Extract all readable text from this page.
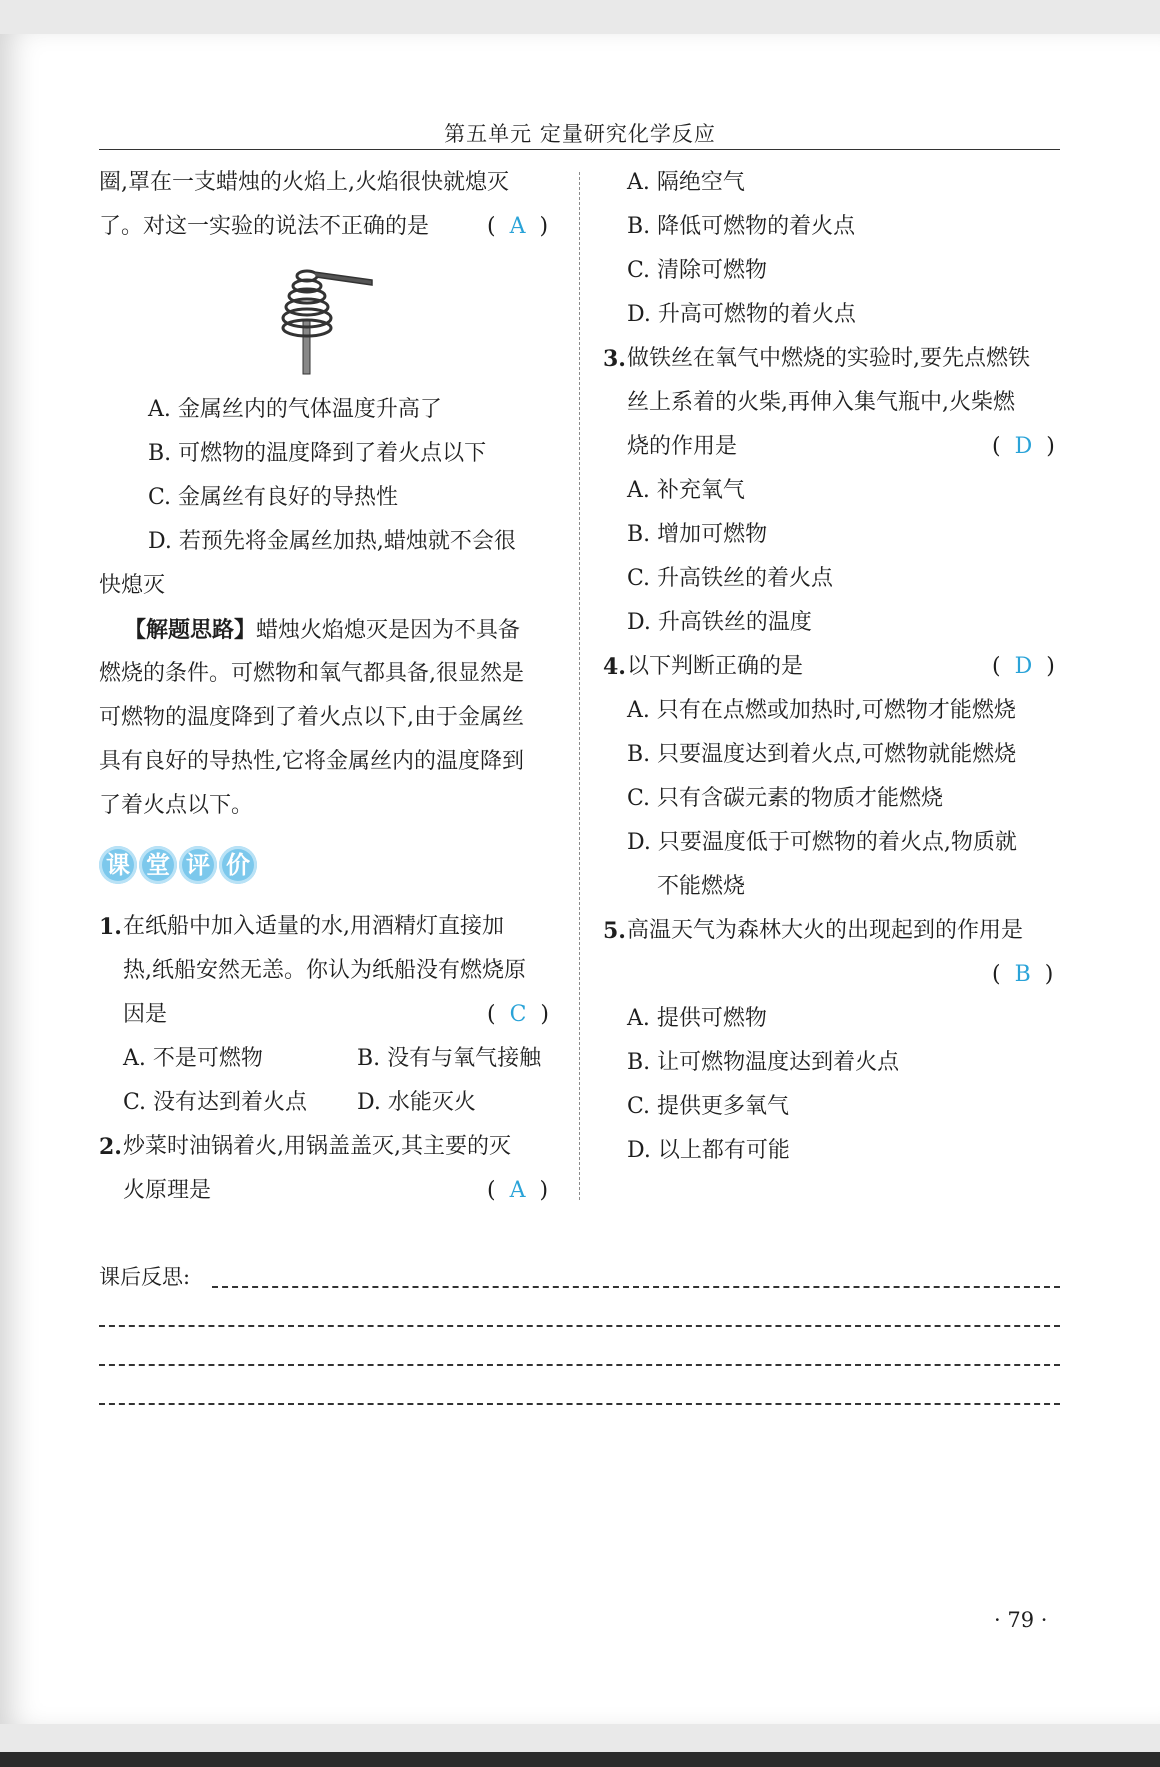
第五单元 定量研究化学反应
圈,罩在一支蜡烛的火焰上,火焰很快就熄灭
了。对这一实验的说法不正确的是	(  A  )
A. 金属丝内的气体温度升高了
B. 可燃物的温度降到了着火点以下
C. 金属丝有良好的导热性
D. 若预先将金属丝加热,蜡烛就不会很
快熄灭
【解题思路】蜡烛火焰熄灭是因为不具备
燃烧的条件。可燃物和氧气都具备,很显然是
可燃物的温度降到了着火点以下,由于金属丝
具有良好的导热性,它将金属丝内的温度降到
了着火点以下。
课 堂 评 价
1. 在纸船中加入适量的水,用酒精灯直接加
热,纸船安然无恙。你认为纸船没有燃烧原
因是	(  C  )
A. 不是可燃物	B. 没有与氧气接触
C. 没有达到着火点 D. 水能灭火
2. 炒菜时油锅着火,用锅盖盖灭,其主要的灭
火原理是	(  A  )
A. 隔绝空气
B. 降低可燃物的着火点
C. 清除可燃物
D. 升高可燃物的着火点
3. 做铁丝在氧气中燃烧的实验时,要先点燃铁
丝上系着的火柴,再伸入集气瓶中,火柴燃
烧的作用是	(  D  )
A. 补充氧气
B. 增加可燃物
C. 升高铁丝的着火点
D. 升高铁丝的温度
4. 以下判断正确的是	(  D  )
A. 只有在点燃或加热时,可燃物才能燃烧
B. 只要温度达到着火点,可燃物就能燃烧
C. 只有含碳元素的物质才能燃烧
D. 只要温度低于可燃物的着火点,物质就
不能燃烧
5. 高温天气为森林大火的出现起到的作用是
(  B  )
A. 提供可燃物
B. 让可燃物温度达到着火点
C. 提供更多氧气
D. 以上都有可能
课后反思:
· 79 ·
